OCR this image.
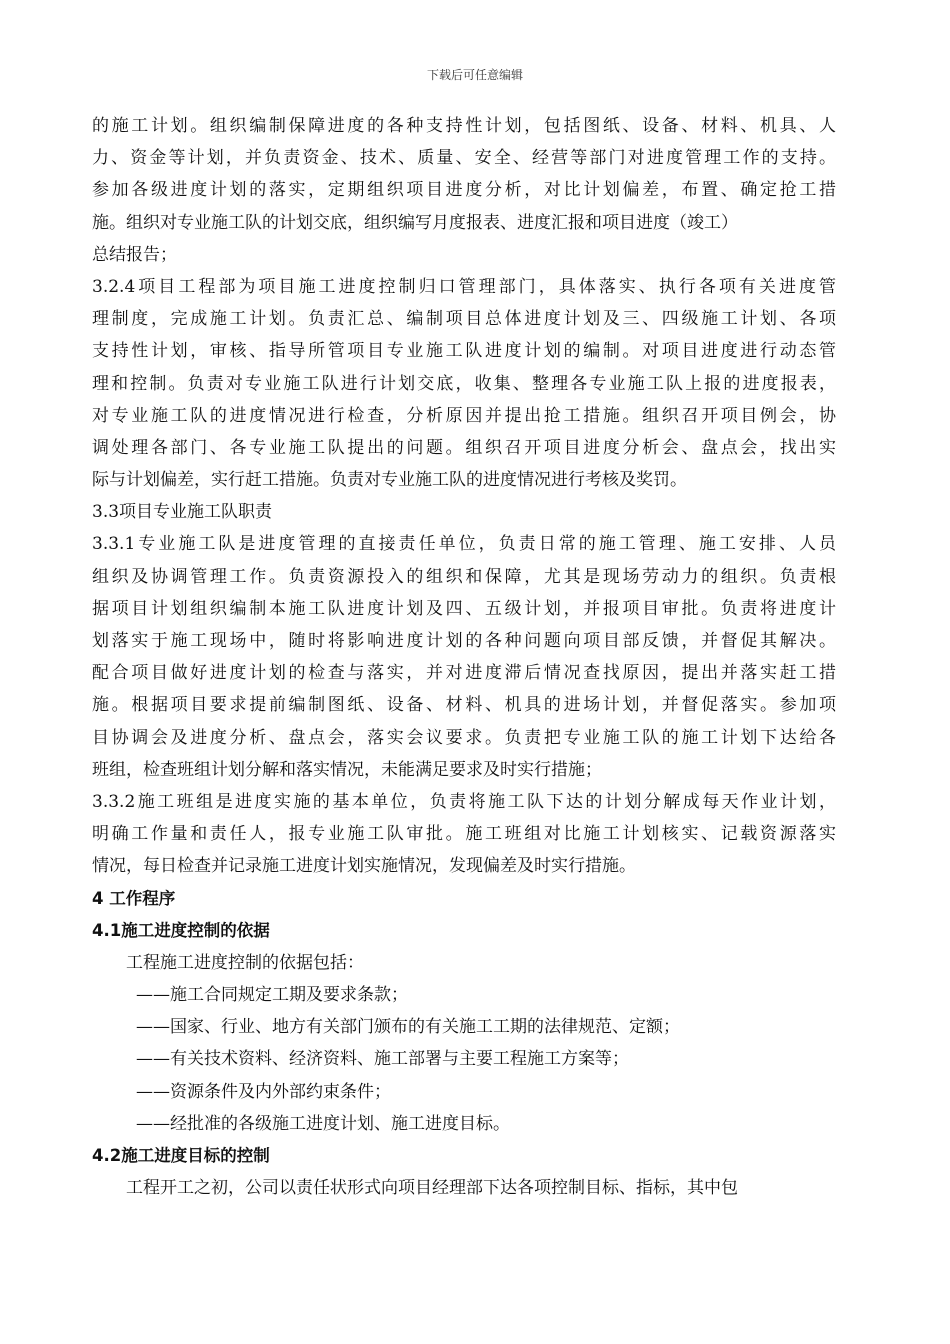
下载后可任意编辑
的施工计划。组织编制保障进度的各种支持性计划，包括图纸、设备、材料、机具、人
力、资金等计划，并负责资金、技术、质量、安全、经营等部门对进度管理工作的支持。
参加各级进度计划的落实，定期组织项目进度分析，对比计划偏差，布置、确定抢工措
施。组织对专业施工队的计划交底，组织编写月度报表、进度汇报和项目进度（竣工）
总结报告；
3.2.4项目工程部为项目施工进度控制归口管理部门，具体落实、执行各项有关进度管
理制度，完成施工计划。负责汇总、编制项目总体进度计划及三、四级施工计划、各项
支持性计划，审核、指导所管项目专业施工队进度计划的编制。对项目进度进行动态管
理和控制。负责对专业施工队进行计划交底，收集、整理各专业施工队上报的进度报表，
对专业施工队的进度情况进行检查，分析原因并提出抢工措施。组织召开项目例会，协
调处理各部门、各专业施工队提出的问题。组织召开项目进度分析会、盘点会，找出实
际与计划偏差，实行赶工措施。负责对专业施工队的进度情况进行考核及奖罚。
3.3项目专业施工队职责
3.3.1专业施工队是进度管理的直接责任单位，负责日常的施工管理、施工安排、人员
组织及协调管理工作。负责资源投入的组织和保障，尤其是现场劳动力的组织。负责根
据项目计划组织编制本施工队进度计划及四、五级计划，并报项目审批。负责将进度计
划落实于施工现场中，随时将影响进度计划的各种问题向项目部反馈，并督促其解决。
配合项目做好进度计划的检查与落实，并对进度滞后情况查找原因，提出并落实赶工措
施。根据项目要求提前编制图纸、设备、材料、机具的进场计划，并督促落实。参加项
目协调会及进度分析、盘点会，落实会议要求。负责把专业施工队的施工计划下达给各
班组，检查班组计划分解和落实情况，未能满足要求及时实行措施；
3.3.2施工班组是进度实施的基本单位，负责将施工队下达的计划分解成每天作业计划，
明确工作量和责任人，报专业施工队审批。施工班组对比施工计划核实、记载资源落实
情况，每日检查并记录施工进度计划实施情况，发现偏差及时实行措施。
4 工作程序
4.1施工进度控制的依据
工程施工进度控制的依据包括：
——施工合同规定工期及要求条款；
——国家、行业、地方有关部门颁布的有关施工工期的法律规范、定额；
——有关技术资料、经济资料、施工部署与主要工程施工方案等；
——资源条件及内外部约束条件；
——经批准的各级施工进度计划、施工进度目标。
4.2施工进度目标的控制
工程开工之初，公司以责任状形式向项目经理部下达各项控制目标、指标，其中包
